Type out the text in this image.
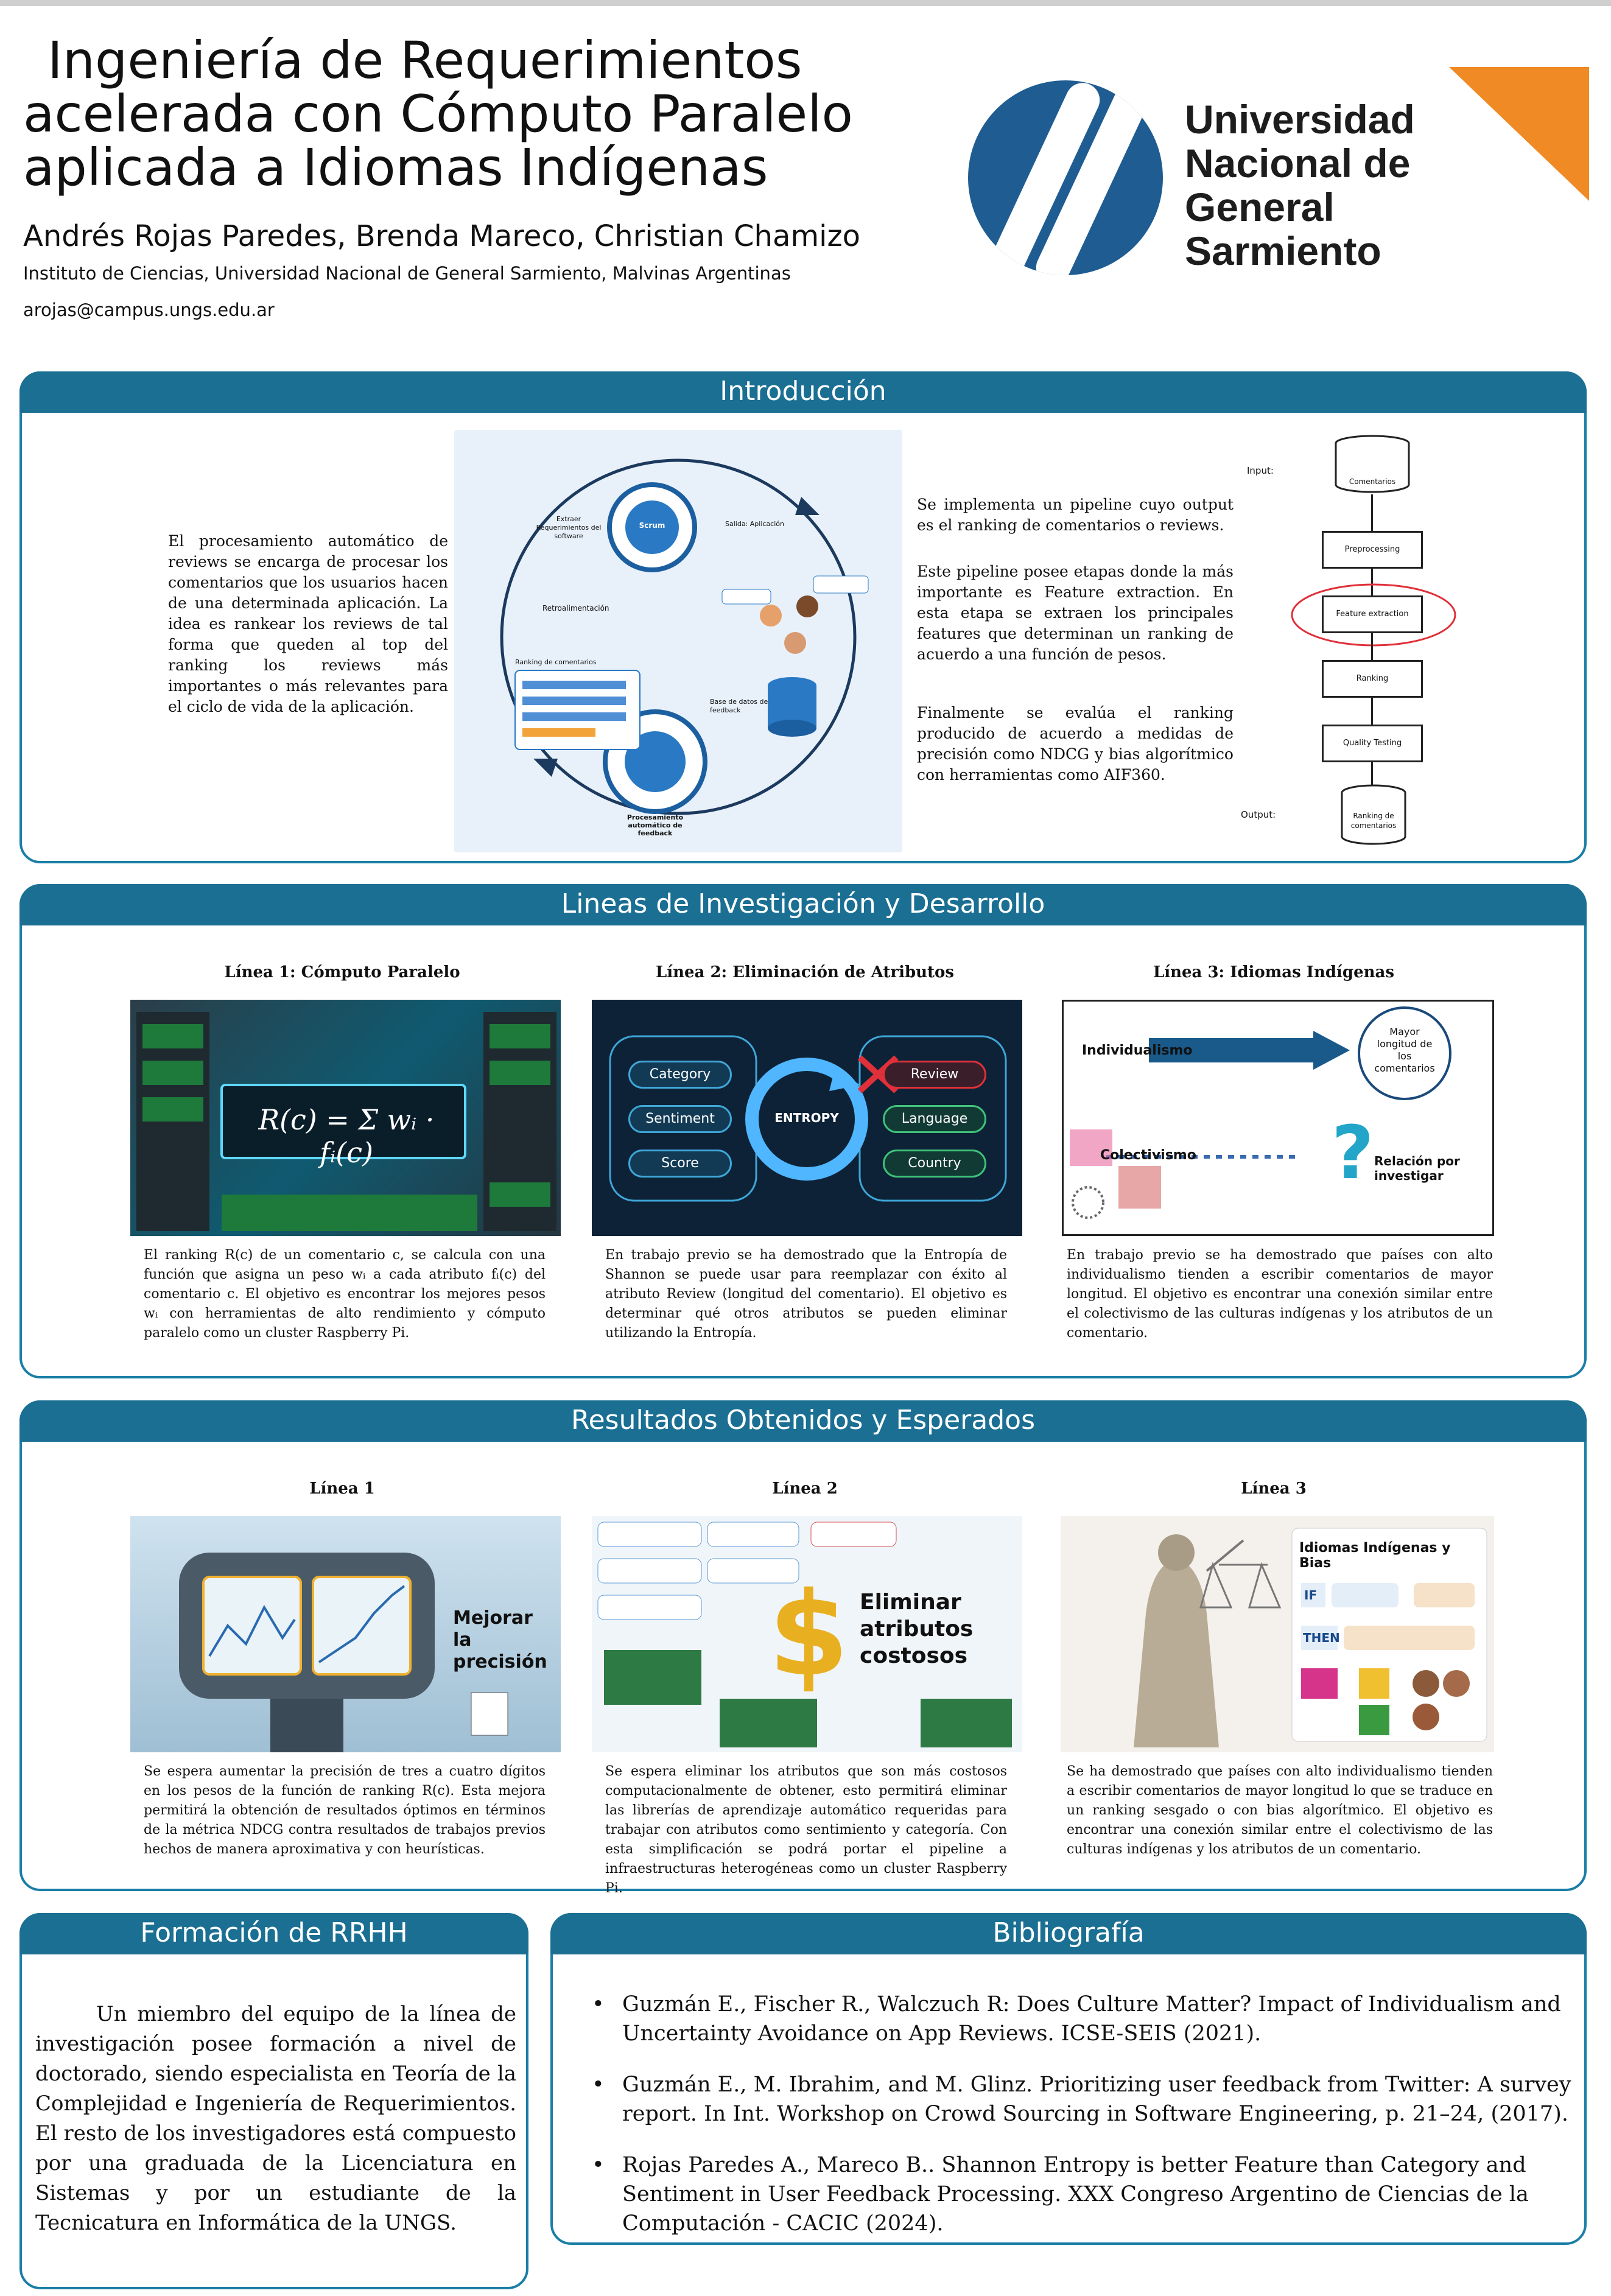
Ingeniería de Requerimientos
acelerada con Cómputo Paralelo
aplicada a Idiomas Indígenas
Andrés Rojas Paredes, Brenda Mareco, Christian Chamizo
Instituto de Ciencias, Universidad Nacional de General Sarmiento, Malvinas Argentinas
arojas@campus.ungs.edu.ar
Universidad
Nacional de
General
Sarmiento
Introducción
El procesamiento automático de reviews se encarga de procesar los comentarios que los usuarios hacen de una determinada aplicación. La idea es rankear los reviews de tal forma que queden al top del ranking los reviews más importantes o más relevantes para el ciclo de vida de la aplicación.
Extraer Requerimientos del software
Salida: Aplicación
Retroalimentación
Ranking de comentarios
Base de datos de feedback
Procesamiento automático de feedback
Scrum
Se implementa un pipeline cuyo output es el ranking de comentarios o reviews.
Este pipeline posee etapas donde la más importante es Feature extraction. En esta etapa se extraen los principales features que determinan un ranking de acuerdo a una función de pesos.
Finalmente se evalúa el ranking producido de acuerdo a medidas de precisión como NDCG y bias algorítmico con herramientas como AIF360.
Input:
Comentarios
Preprocessing
Feature extraction
Ranking
Quality Testing
Output:	Ranking de comentarios
Lineas de Investigación y Desarrollo
Línea 1: Cómputo Paralelo	Línea 2: Eliminación de Atributos	Línea 3: Idiomas Indígenas
R(c) = Σ wᵢ · fᵢ(c)
Category
Sentiment
Score
Review
Language
Country
ENTROPY	?
Individualismo
Mayor longitud de los comentarios
Colectivismo	Relación por investigar
El ranking R(c) de un comentario c, se calcula con una función que asigna un peso wᵢ a cada atributo fᵢ(c) del comentario c. El objetivo es encontrar los mejores pesos wᵢ con herramientas de alto rendimiento y cómputo paralelo como un cluster Raspberry Pi.
En trabajo previo se ha demostrado que la Entropía de Shannon se puede usar para reemplazar con éxito al atributo Review (longitud del comentario). El objetivo es determinar qué otros atributos se pueden eliminar utilizando la Entropía.
En trabajo previo se ha demostrado que países con alto individualismo tienden a escribir comentarios de mayor longitud. El objetivo es encontrar una conexión similar entre el colectivismo de las culturas indígenas y los atributos de un comentario.
Resultados Obtenidos y Esperados
Línea 1	Línea 2	Línea 3
Mejorar la precisión $ Eliminar atributos costosos
Idiomas Indígenas y Bias
IF
THEN
Se espera aumentar la precisión de tres a cuatro dígitos en los pesos de la función de ranking R(c). Esta mejora permitirá la obtención de resultados óptimos en términos de la métrica NDCG contra resultados de trabajos previos hechos de manera aproximativa y con heurísticas.
Se espera eliminar los atributos que son más costosos computacionalmente de obtener, esto permitirá eliminar las librerías de aprendizaje automático requeridas para trabajar con atributos como sentimiento y categoría. Con esta simplificación se podrá portar el pipeline a infraestructuras heterogéneas como un cluster Raspberry Pi.
Se ha demostrado que países con alto individualismo tienden a escribir comentarios de mayor longitud lo que se traduce en un ranking sesgado o con bias algorítmico. El objetivo es encontrar una conexión similar entre el colectivismo de las culturas indígenas y los atributos de un comentario.
Formación de RRHH
Un miembro del equipo de la línea de investigación posee formación a nivel de doctorado, siendo especialista en Teoría de la Complejidad e Ingeniería de Requerimientos. El resto de los investigadores está compuesto por una graduada de la Licenciatura en Sistemas y por un estudiante de la Tecnicatura en Informática de la UNGS.
Bibliografía
• Guzmán E., Fischer R., Walczuch R: Does Culture Matter? Impact of Individualism and Uncertainty Avoidance on App Reviews. ICSE-SEIS (2021).
• Guzmán E., M. Ibrahim, and M. Glinz. Prioritizing user feedback from Twitter: A survey report. In Int. Workshop on Crowd Sourcing in Software Engineering, p. 21–24, (2017).
• Rojas Paredes A., Mareco B.. Shannon Entropy is better Feature than Category and Sentiment in User Feedback Processing. XXX Congreso Argentino de Ciencias de la Computación - CACIC (2024).
